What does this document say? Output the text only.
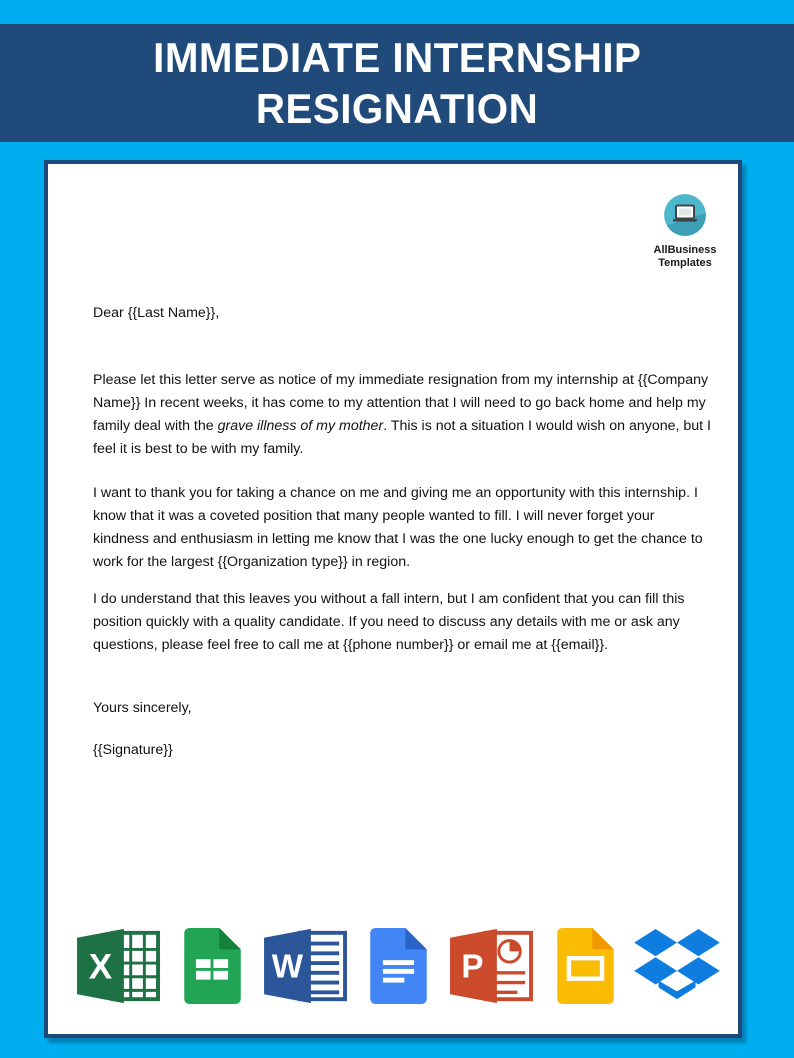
IMMEDIATE INTERNSHIP
RESIGNATION
AllBusiness
Templates

Dear {{Last Name}},

Please let this letter serve as notice of my immediate resignation from my internship at {{Company Name}} In recent weeks, it has come to my attention that I will need to go back home and help my family deal with the grave illness of my mother. This is not a situation I would wish on anyone, but I feel it is best to be with my family.

I want to thank you for taking a chance on me and giving me an opportunity with this internship. I know that it was a coveted position that many people wanted to fill. I will never forget your kindness and enthusiasm in letting me know that I was the one lucky enough to get the chance to work for the largest {{Organization type}} in region.

I do understand that this leaves you without a fall intern, but I am confident that you can fill this position quickly with a quality candidate. If you need to discuss any details with me or ask any questions, please feel free to call me at {{phone number}} or email me at {{email}}.

Yours sincerely,

{{Signature}}

X	W	P
